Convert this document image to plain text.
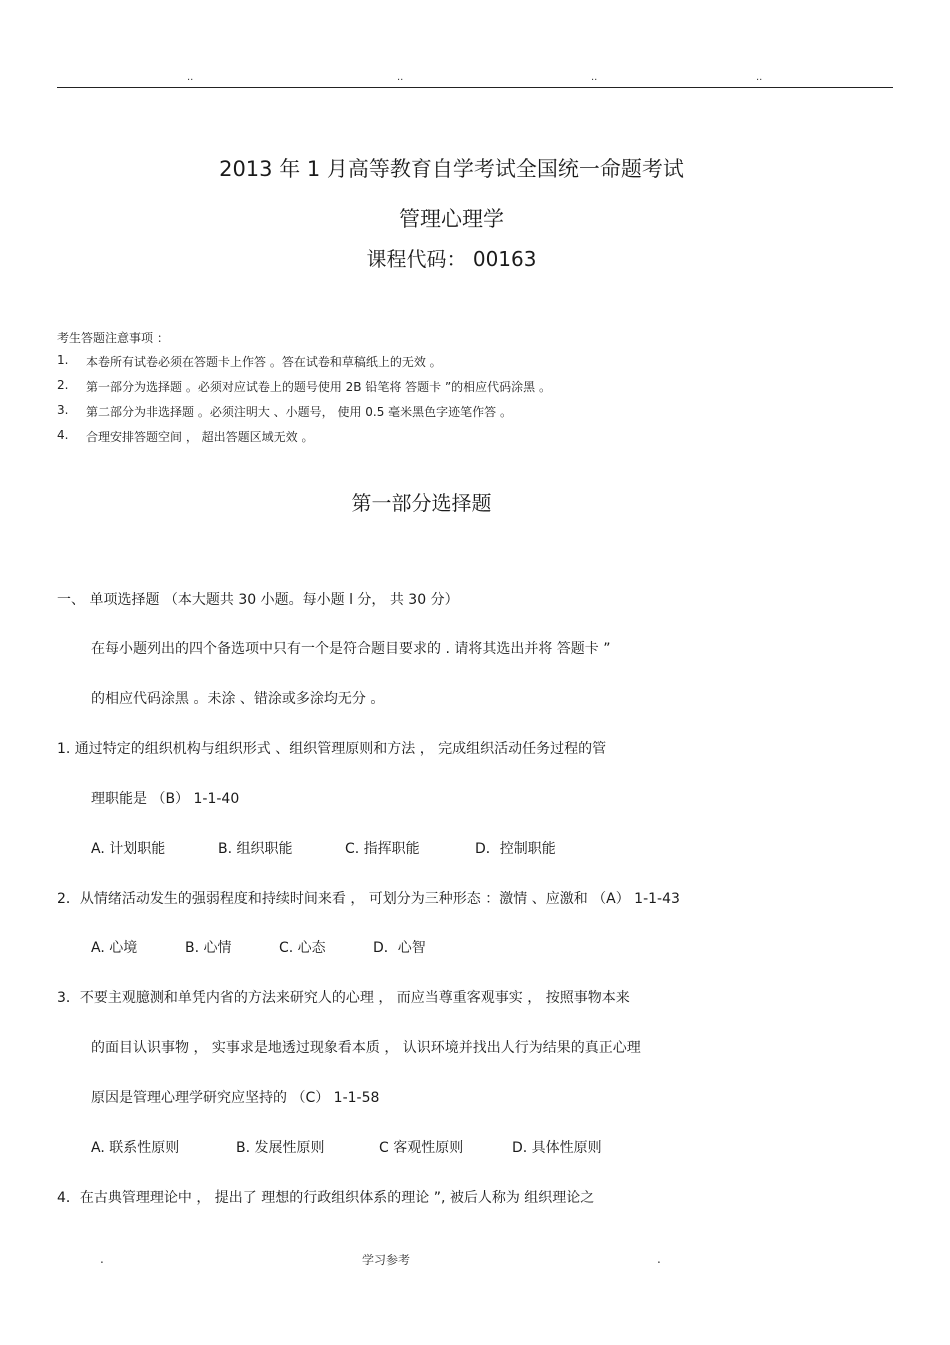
..	..	..	..
2013 年 1 月高等教育自学考试全国统一命题考试
管理心理学
课程代码： 00163
考生答题注意事项 ：
1. 本卷所有试卷必须在答题卡上作答 。答在试卷和草稿纸上的无效 。
2. 第一部分为选择题 。必须对应试卷上的题号使用 2B 铅笔将 答题卡 ”的相应代码涂黑 。
3. 第二部分为非选择题 。必须注明大 、小题号， 使用 0.5 毫米黑色字迹笔作答 。
4. 合理安排答题空间 ， 超出答题区域无效 。
第一部分选择题
一、 单项选择题 （本大题共 30 小题。每小题 l 分， 共 30 分）
在每小题列出的四个备选项中只有一个是符合题目要求的 . 请将其选出并将 答题卡 ”
的相应代码涂黑 。未涂 、错涂或多涂均无分 。
1. 通过特定的组织机构与组织形式 、组织管理原则和方法 ， 完成组织活动任务过程的管
理职能是 （B） 1-1-40
A. 计划职能	B. 组织职能	C. 指挥职能	D．控制职能
2．从情绪活动发生的强弱程度和持续时间来看 ， 可划分为三种形态 ：激情 、应激和 （A） 1-1-43
A. 心境	B. 心情	C. 心态	D．心智
3．不要主观臆测和单凭内省的方法来研究人的心理 ， 而应当尊重客观事实 ， 按照事物本来
的面目认识事物 ， 实事求是地透过现象看本质 ， 认识环境并找出人行为结果的真正心理
原因是管理心理学研究应坚持的 （C） 1-1-58
A. 联系性原则	B. 发展性原则	C 客观性原则	D. 具体性原则
4．在古典管理理论中 ， 提出了 理想的行政组织体系的理论 ”, 被后人称为 组织理论之
.	学习参考	.
